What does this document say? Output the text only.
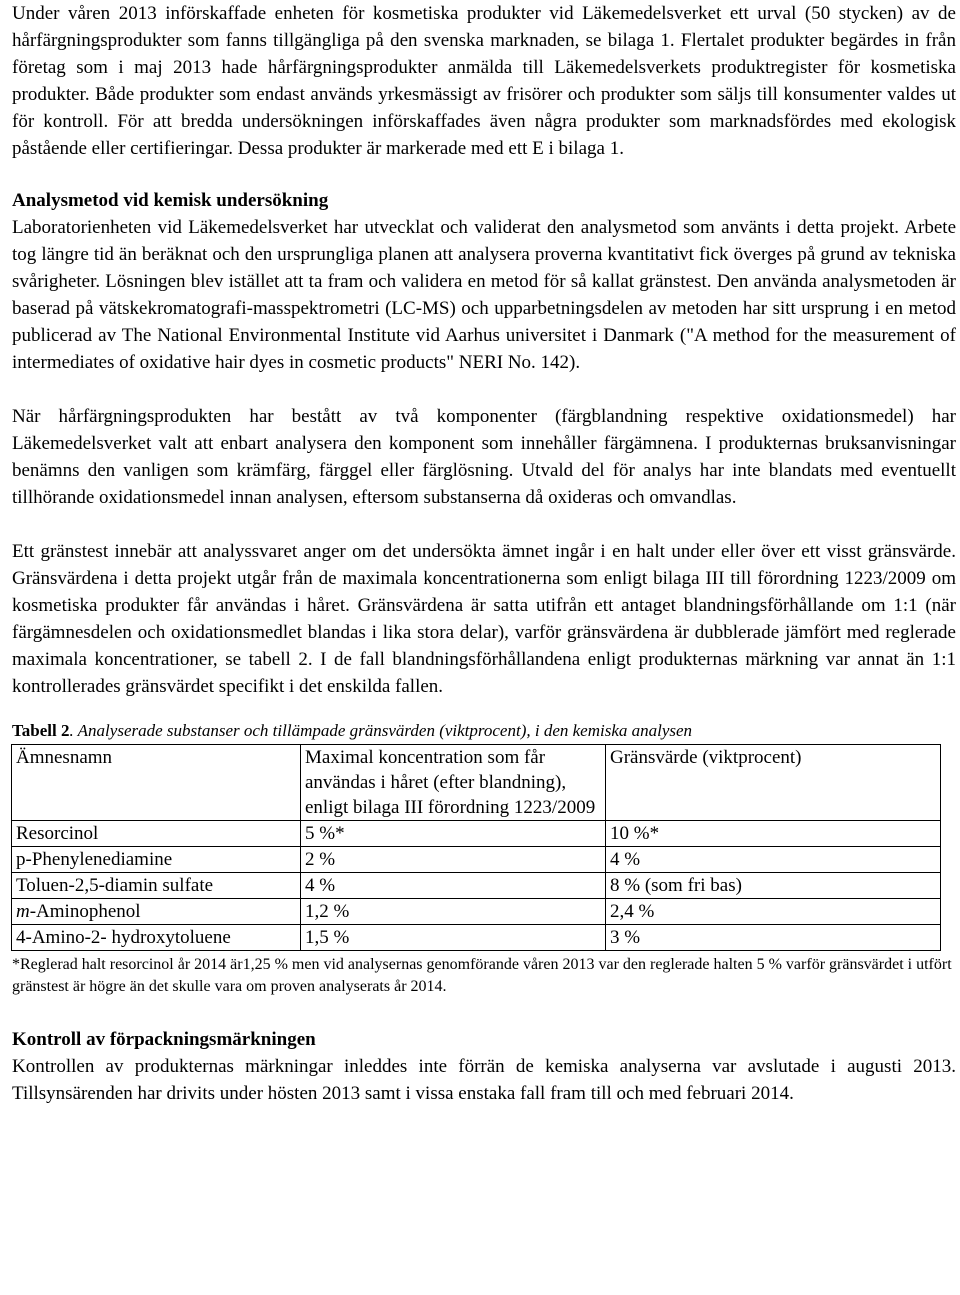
Under våren 2013 införskaffade enheten för kosmetiska produkter vid Läkemedelsverket ett urval (50 stycken) av de hårfärgningsprodukter som fanns tillgängliga på den svenska marknaden, se bilaga 1. Flertalet produkter begärdes in från företag som i maj 2013 hade hårfärgningsprodukter anmälda till Läkemedelsverkets produktregister för kosmetiska produkter. Både produkter som endast används yrkesmässigt av frisörer och produkter som säljs till konsumenter valdes ut för kontroll. För att bredda undersökningen införskaffades även några produkter som marknadsfördes med ekologisk påstående eller certifieringar. Dessa produkter är markerade med ett E i bilaga 1.

Analysmetod vid kemisk undersökning

Laboratorienheten vid Läkemedelsverket har utvecklat och validerat den analysmetod som använts i detta projekt. Arbete tog längre tid än beräknat och den ursprungliga planen att analysera proverna kvantitativt fick överges på grund av tekniska svårigheter. Lösningen blev istället att ta fram och validera en metod för så kallat gränstest. Den använda analysmetoden är baserad på vätskekromatografi-masspektrometri (LC-MS) och upparbetningsdelen av metoden har sitt ursprung i en metod publicerad av The National Environmental Institute vid Aarhus universitet i Danmark ("A method for the measurement of intermediates of oxidative hair dyes in cosmetic products" NERI No. 142).

När hårfärgningsprodukten har bestått av två komponenter (färgblandning respektive oxidationsmedel) har Läkemedelsverket valt att enbart analysera den komponent som innehåller färgämnena. I produkternas bruksanvisningar benämns den vanligen som krämfärg, färggel eller färglösning. Utvald del för analys har inte blandats med eventuellt tillhörande oxidationsmedel innan analysen, eftersom substanserna då oxideras och omvandlas.

Ett gränstest innebär att analyssvaret anger om det undersökta ämnet ingår i en halt under eller över ett visst gränsvärde. Gränsvärdena i detta projekt utgår från de maximala koncentrationerna som enligt bilaga III till förordning 1223/2009 om kosmetiska produkter får användas i håret. Gränsvärdena är satta utifrån ett antaget blandningsförhållande om 1:1 (när färgämnesdelen och oxidationsmedlet blandas i lika stora delar), varför gränsvärdena är dubblerade jämfört med reglerade maximala koncentrationer, se tabell 2. I de fall blandningsförhållandena enligt produkternas märkning var annat än 1:1 kontrollerades gränsvärdet specifikt i det enskilda fallen.

Tabell 2. Analyserade substanser och tillämpade gränsvärden (viktprocent), i den kemiska analysen
Ämnesnamn	Maximal koncentration som får användas i håret (efter blandning), enligt bilaga III förordning 1223/2009	Gränsvärde (viktprocent)
Resorcinol	5 %*	10 %*
p-Phenylenediamine	2 %	4 %
Toluen-2,5-diamin sulfate	4 %	8 % (som fri bas)
m-Aminophenol	1,2 %	2,4 %
4-Amino-2- hydroxytoluene	1,5 %	3 %

*Reglerad halt resorcinol år 2014 är1,25 % men vid analysernas genomförande våren 2013 var den reglerade halten 5 % varför gränsvärdet i utfört gränstest är högre än det skulle vara om proven analyserats år 2014.

Kontroll av förpackningsmärkningen

Kontrollen av produkternas märkningar inleddes inte förrän de kemiska analyserna var avslutade i augusti 2013. Tillsynsärenden har drivits under hösten 2013 samt i vissa enstaka fall fram till och med februari 2014.
